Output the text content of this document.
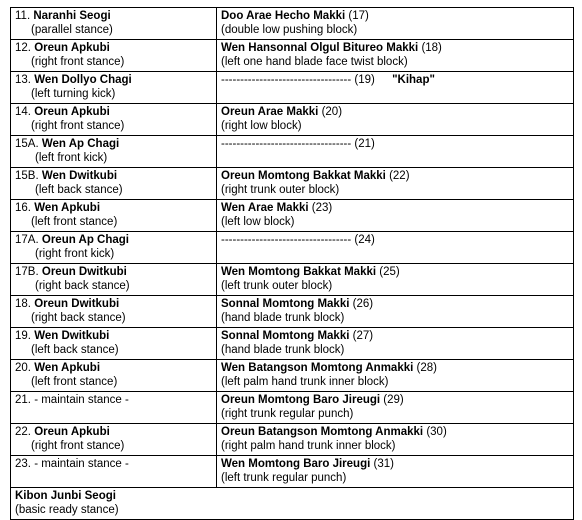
11. Naranhi Seogi
(parallel stance)	Doo Arae Hecho Makki (17)
(double low pushing block)

12. Oreun Apkubi
(right front stance)	Wen Hansonnal Olgul Bitureo Makki (18)
(left one hand blade face twist block)

13. Wen Dollyo Chagi
(left turning kick)	---------------------------------- (19) "Kihap"
14. Oreun Apkubi
(right front stance)	Oreun Arae Makki (20)
(right low block)

15A. Wen Ap Chagi
(left front kick)	---------------------------------- (21)
15B. Wen Dwitkubi
(left back stance)	Oreun Momtong Bakkat Makki (22)
(right trunk outer block)

16. Wen Apkubi
(left front stance)	Wen Arae Makki (23)
(left low block)

17A. Oreun Ap Chagi
(right front kick)	---------------------------------- (24)
17B. Oreun Dwitkubi
(right back stance)	Wen Momtong Bakkat Makki (25)
(left trunk outer block)

18. Oreun Dwitkubi
(right back stance)	Sonnal Momtong Makki (26)
(hand blade trunk block)

19. Wen Dwitkubi
(left back stance)	Sonnal Momtong Makki (27)
(hand blade trunk block)

20. Wen Apkubi
(left front stance)	Wen Batangson Momtong Anmakki (28)
(left palm hand trunk inner block)

21. - maintain stance -	Oreun Momtong Baro Jireugi (29)
(right trunk regular punch)

22. Oreun Apkubi
(right front stance)	Oreun Batangson Momtong Anmakki (30)
(right palm hand trunk inner block)

23. - maintain stance -	Wen Momtong Baro Jireugi (31)
(left trunk regular punch)

Kibon Junbi Seogi
(basic ready stance)	
